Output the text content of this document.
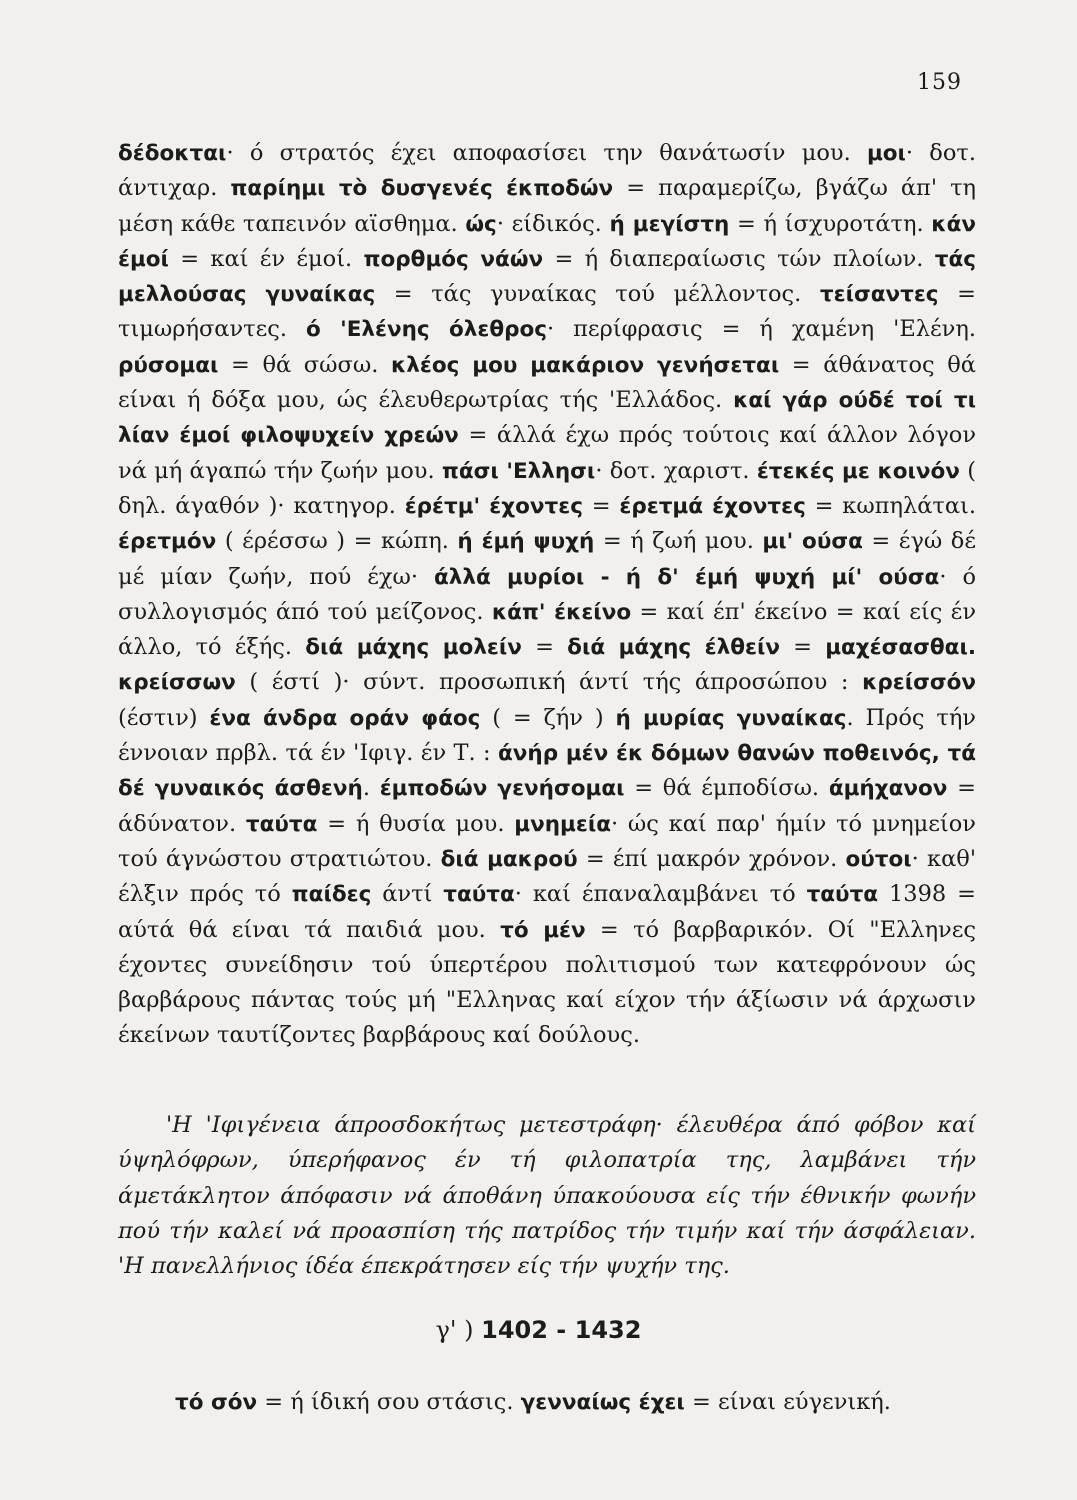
159

δέδοκται· ό στρατός έχει αποφασίσει την θανάτωσίν μου. μοι· δοτ. άντιχαρ. παρίημι τò δυσγενές έκποδών = παραμερίζω, βγάζω άπ' τη μέση κάθε ταπεινόν αϊσθημα. ώς· είδικός. ή μεγίστη = ή ίσχυροτάτη. κάν έμοί = καί έν έμοί. πορθμός νάών = ή διαπεραίωσις τών πλοίων. τάς μελλούσας γυναίκας = τάς γυναίκας τού μέλλοντος. τείσαντες = τιμωρήσαντες. ό 'Ελένης όλεθρος· περίφρασις = ή χαμένη 'Ελένη. ρύσομαι = θά σώσω. κλέος μου μακάριον γενήσεται = άθάνατος θά είναι ή δόξα μου, ώς έλευθερωτρίας τής 'Ελλάδος. καί γάρ ούδέ τοί τι λίαν έμοί φιλοψυχείν χρεών = άλλά έχω πρός τούτοις καί άλλον λόγον νά μή άγαπώ τήν ζωήν μου. πάσι 'Ελλησι· δοτ. χαριστ. έτεκές με κοινόν ( δηλ. άγαθόν )· κατηγορ. έρέτμ' έχοντες = έρετμά έχοντες = κωπηλάται. έρετμόν ( έρέσσω ) = κώπη. ή έμή ψυχή = ή ζωή μου. μι' ούσα = έγώ δέ μέ μίαν ζωήν, πού έχω· άλλά μυρίοι - ή δ' έμή ψυχή μί' ούσα· ό συλλογισμός άπό τού μείζονος. κάπ' έκείνο = καί έπ' έκείνο = καί είς έν άλλο, τό έξής. διά μάχης μολείν = διά μάχης έλθείν = μαχέσασθαι. κρείσσων ( έστί )· σύντ. προσωπική άντί τής άπροσώπου : κρείσσόν (έστιν) ένα άνδρα οράν φάος ( = ζήν ) ή μυρίας γυναίκας. Πρός τήν έννοιαν πρβλ. τά έν 'Ιφιγ. έν Τ. : άνήρ μέν έκ δόμων θανών ποθεινός, τά δέ γυναικός άσθενή. έμποδών γενήσομαι = θά έμποδίσω. άμήχανον = άδύνατον. ταύτα = ή θυσία μου. μνημεία· ώς καί παρ' ήμίν τό μνημείον τού άγνώστου στρατιώτου. διά μακρού = έπί μακρόν χρόνον. ούτοι· καθ' έλξιν πρός τό παίδες άντί ταύτα· καί έπαναλαμβάνει τό ταύτα 1398 = αύτά θά είναι τά παιδιά μου. τό μέν = τό βαρβαρικόν. Οί "Ελληνες έχοντες συνείδησιν τού ύπερτέρου πολιτισμού των κατεφρόνουν ώς βαρβάρους πάντας τούς μή "Ελληνας καί είχον τήν άξίωσιν νά άρχωσιν έκείνων ταυτίζοντες βαρβάρους καί δούλους.

'Η 'Ιφιγένεια άπροσδοκήτως μετεστράφη· έλευθέρα άπό φόβον καί ύψηλόφρων, ύπερήφανος έν τή φιλοπατρία της, λαμβάνει τήν άμετάκλητον άπόφασιν νά άποθάνη ύπακούουσα είς τήν έθνικήν φωνήν πού τήν καλεί νά προασπίση τής πατρίδος τήν τιμήν καί τήν άσφάλειαν. 'Η πανελλήνιος ίδέα έπεκράτησεν είς τήν ψυχήν της.

γ' ) 1402 - 1432

τό σόν = ή ίδική σου στάσις. γενναίως έχει = είναι εύγενική.
